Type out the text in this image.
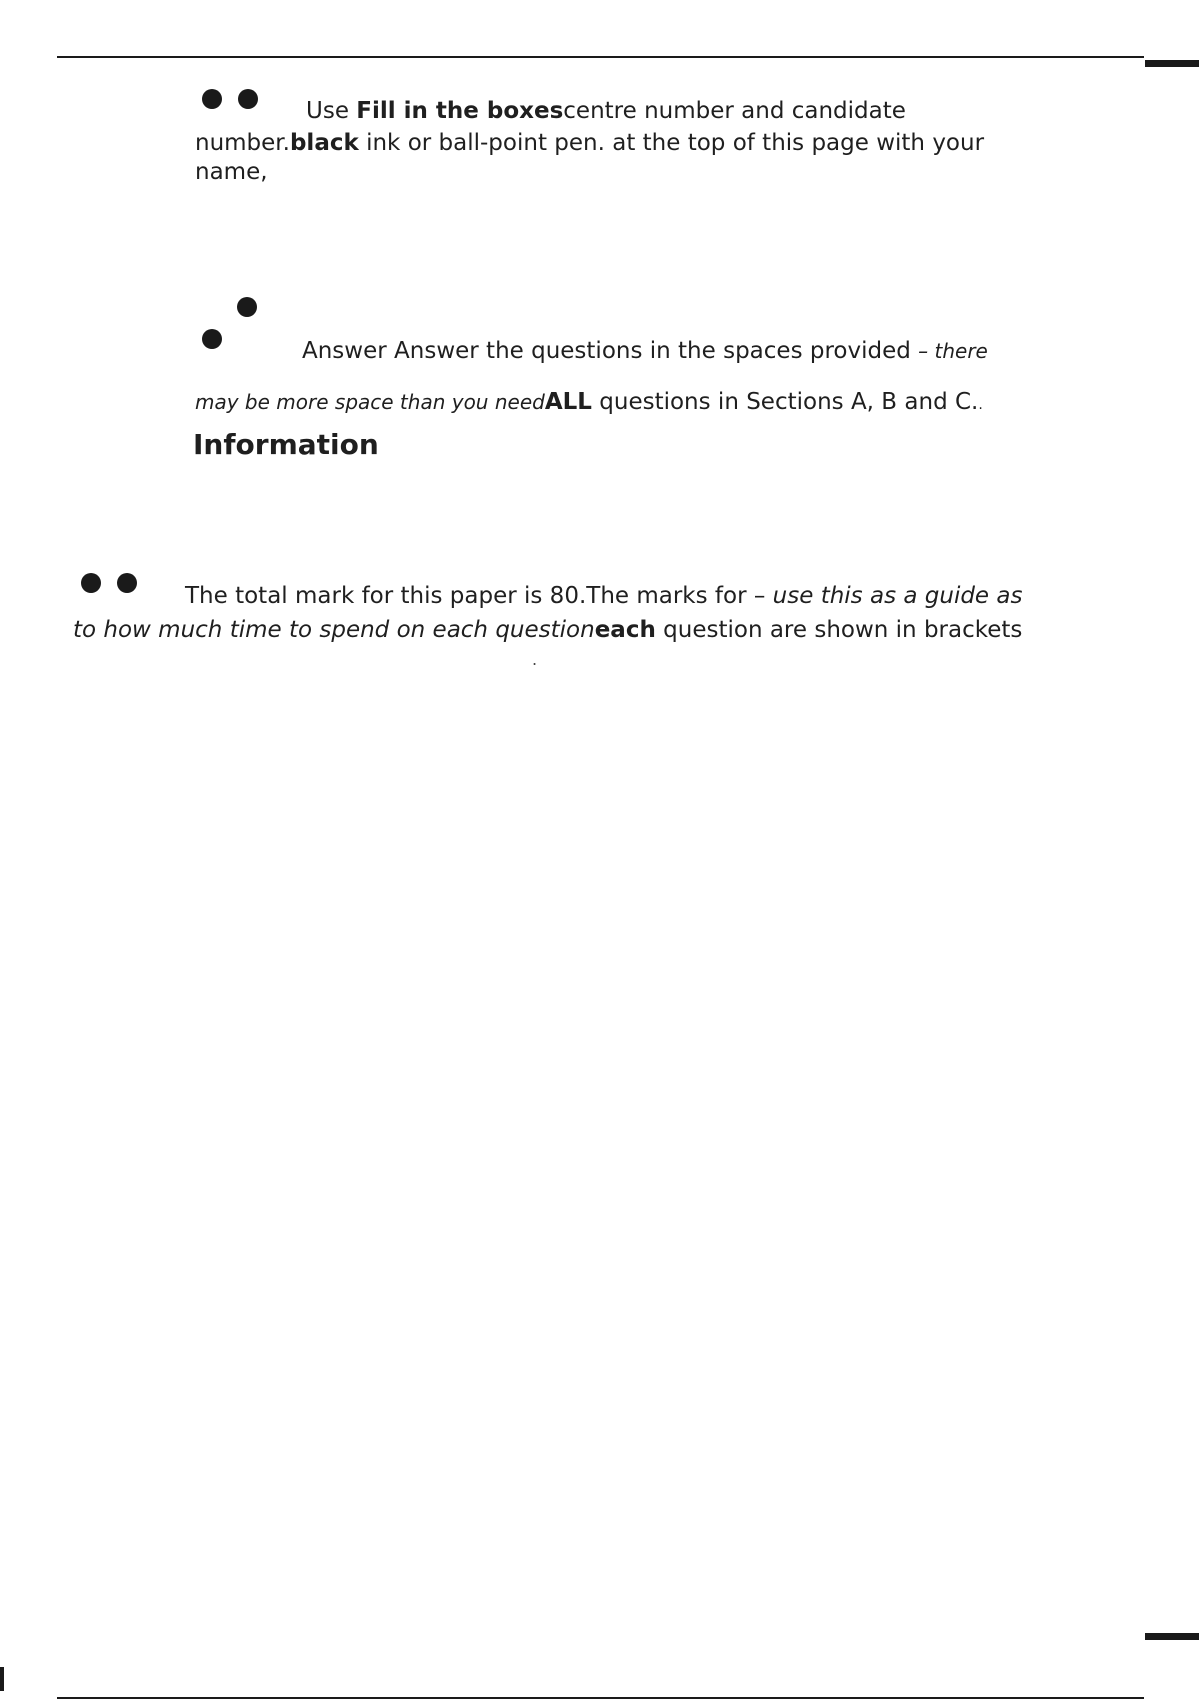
Use Fill in the boxescentre number and candidate
number.black ink or ball-point pen. at the top of this page with your
name,
Answer Answer the questions in the spaces provided – there
may be more space than you needALL questions in Sections A, B and C..
Information
The total mark for this paper is 80.The marks for – use this as a guide as
to how much time to spend on each questioneach question are shown in brackets
.
